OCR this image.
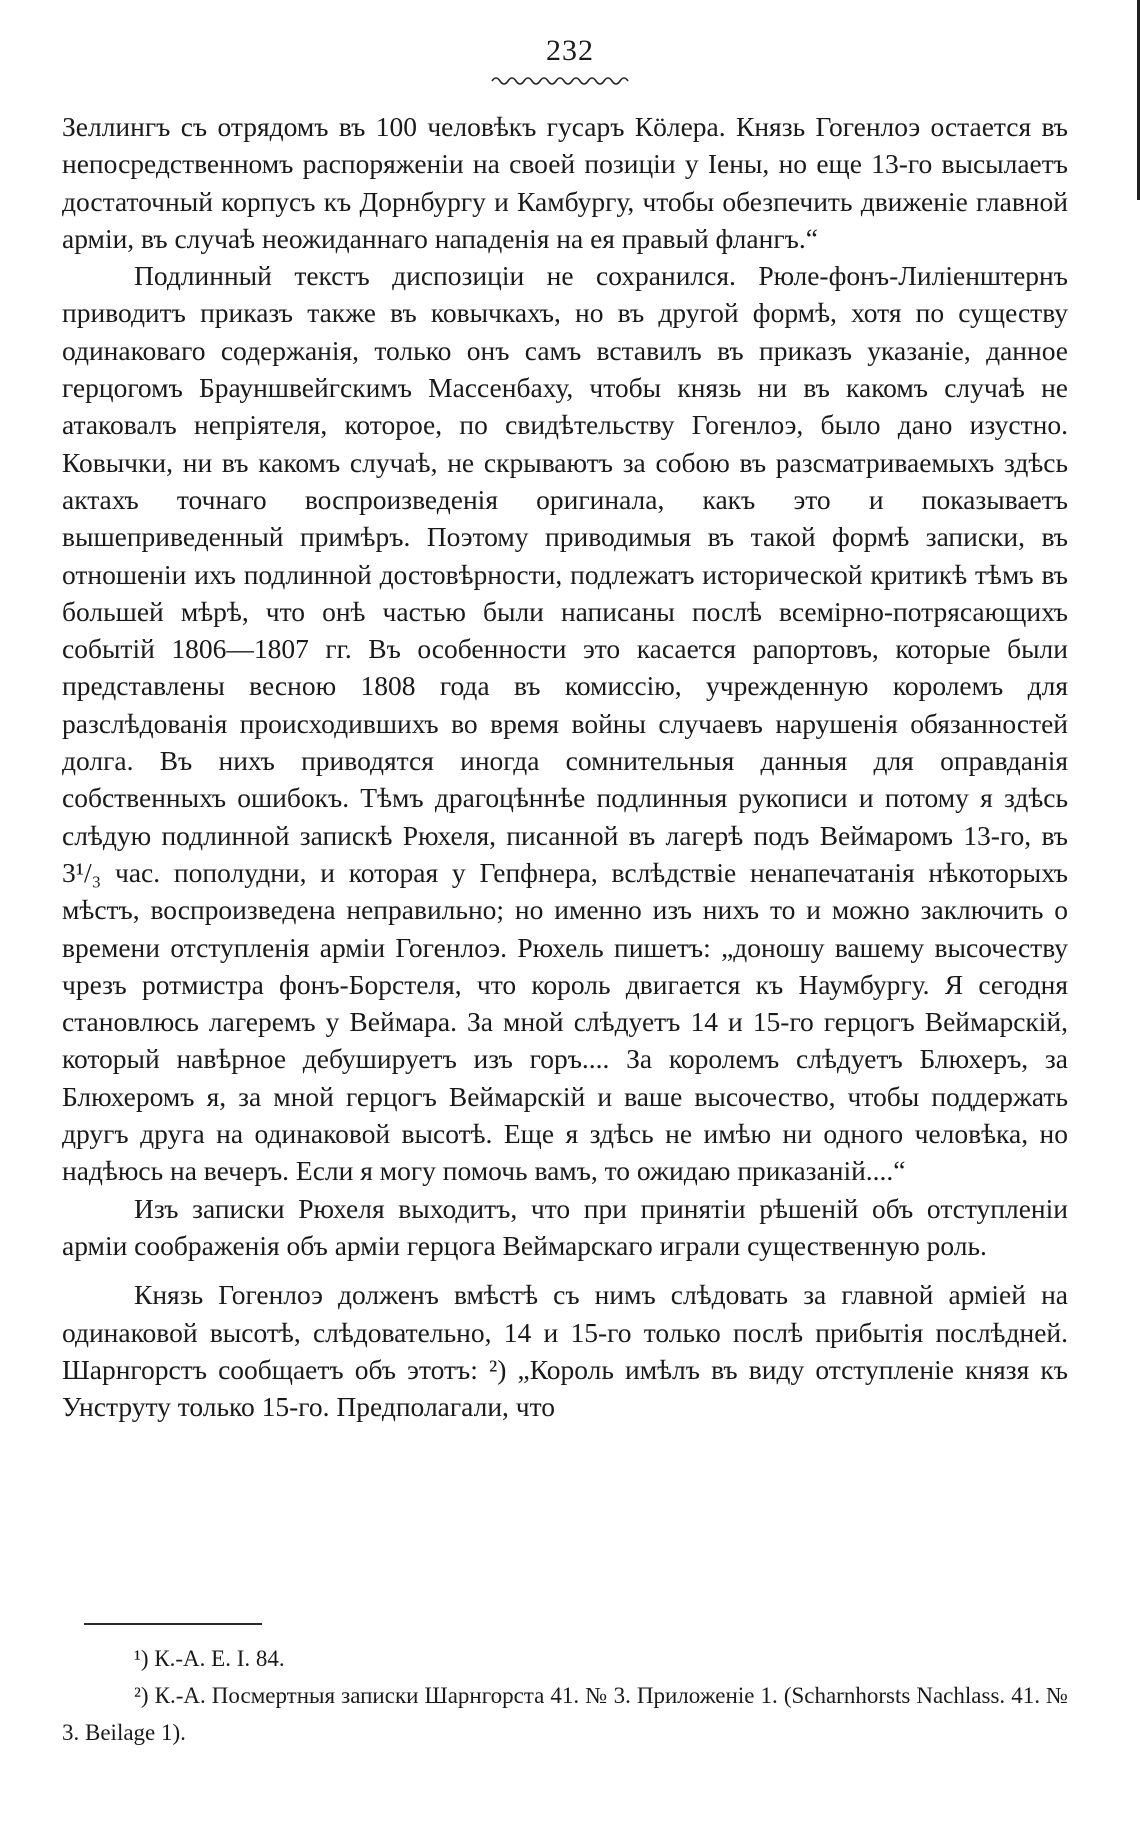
232

Зеллингъ съ отрядомъ въ 100 человѣкъ гусаръ Кöлера. Князь Гогенлоэ остается въ непосредственномъ распоряженіи на своей позиціи у Іены, но еще 13-го высылаетъ достаточный корпусъ къ Дорнбургу и Камбургу, чтобы обезпечить движеніе главной арміи, въ случаѣ неожиданнаго нападенія на ея правый флангъ.“

Подлинный текстъ диспозиціи не сохранился. Рюле-фонъ-Лиліенштернъ приводитъ приказъ также въ ковычкахъ, но въ другой формѣ, хотя по существу одинаковаго содержанія, только онъ самъ вставилъ въ приказъ указаніе, данное герцогомъ Брауншвейгскимъ Массенбаху, чтобы князь ни въ какомъ случаѣ не атаковалъ непріятеля, которое, по свидѣтельству Гогенлоэ, было дано изустно. Ковычки, ни въ какомъ случаѣ, не скрываютъ за собою въ разсматриваемыхъ здѣсь актахъ точнаго воспроизведенія оригинала, какъ это и показываетъ вышеприведенный примѣръ. Поэтому приводимыя въ такой формѣ записки, въ отношеніи ихъ подлинной достовѣрности, подлежатъ исторической критикѣ тѣмъ въ большей мѣрѣ, что онѣ частью были написаны послѣ всемірно-потрясающихъ событій 1806—1807 гг. Въ особенности это касается рапортовъ, которые были представлены весною 1808 года въ комиссію, учрежденную королемъ для разслѣдованія происходившихъ во время войны случаевъ нарушенія обязанностей долга. Въ нихъ приводятся иногда сомнительныя данныя для оправданія собственныхъ ошибокъ. Тѣмъ драгоцѣннѣе подлинныя рукописи и потому я здѣсь слѣдую подлинной запискѣ Рюхеля, писанной въ лагерѣ подъ Веймаромъ 13-го, въ 3¹/₃ час. пополудни, и которая у Гепфнера, вслѣдствіе ненапечатанія нѣкоторыхъ мѣстъ, воспроизведена неправильно; но именно изъ нихъ то и можно заключить о времени отступленія арміи Гогенлоэ. Рюхель пишетъ: „доношу вашему высочеству чрезъ ротмистра фонъ-Борстеля, что король двигается къ Наумбургу. Я сегодня становлюсь лагеремъ у Веймара. За мной слѣдуетъ 14 и 15-го герцогъ Веймарскій, который навѣрное дебушируетъ изъ горъ.... За королемъ слѣдуетъ Блюхеръ, за Блюхеромъ я, за мной герцогъ Веймарскій и ваше высочество, чтобы поддержать другъ друга на одинаковой высотѣ. Еще я здѣсь не имѣю ни одного человѣка, но надѣюсь на вечеръ. Если я могу помочь вамъ, то ожидаю приказаній....“

Изъ записки Рюхеля выходитъ, что при принятіи рѣшеній объ отступленіи арміи соображенія объ арміи герцога Веймарскаго играли существенную роль.

Князь Гогенлоэ долженъ вмѣстѣ съ нимъ слѣдовать за главной арміей на одинаковой высотѣ, слѣдовательно, 14 и 15-го только послѣ прибытія послѣдней. Шарнгорстъ сообщаетъ объ этотъ: ²) „Король имѣлъ въ виду отступленіе князя къ Унструту только 15-го. Предполагали, что

¹) К.-А. Е. I. 84.

²) К.-А. Посмертныя записки Шарнгорста 41. № 3. Приложеніе 1. (Scharnhorsts Nachlass. 41. № 3. Beilage 1).
